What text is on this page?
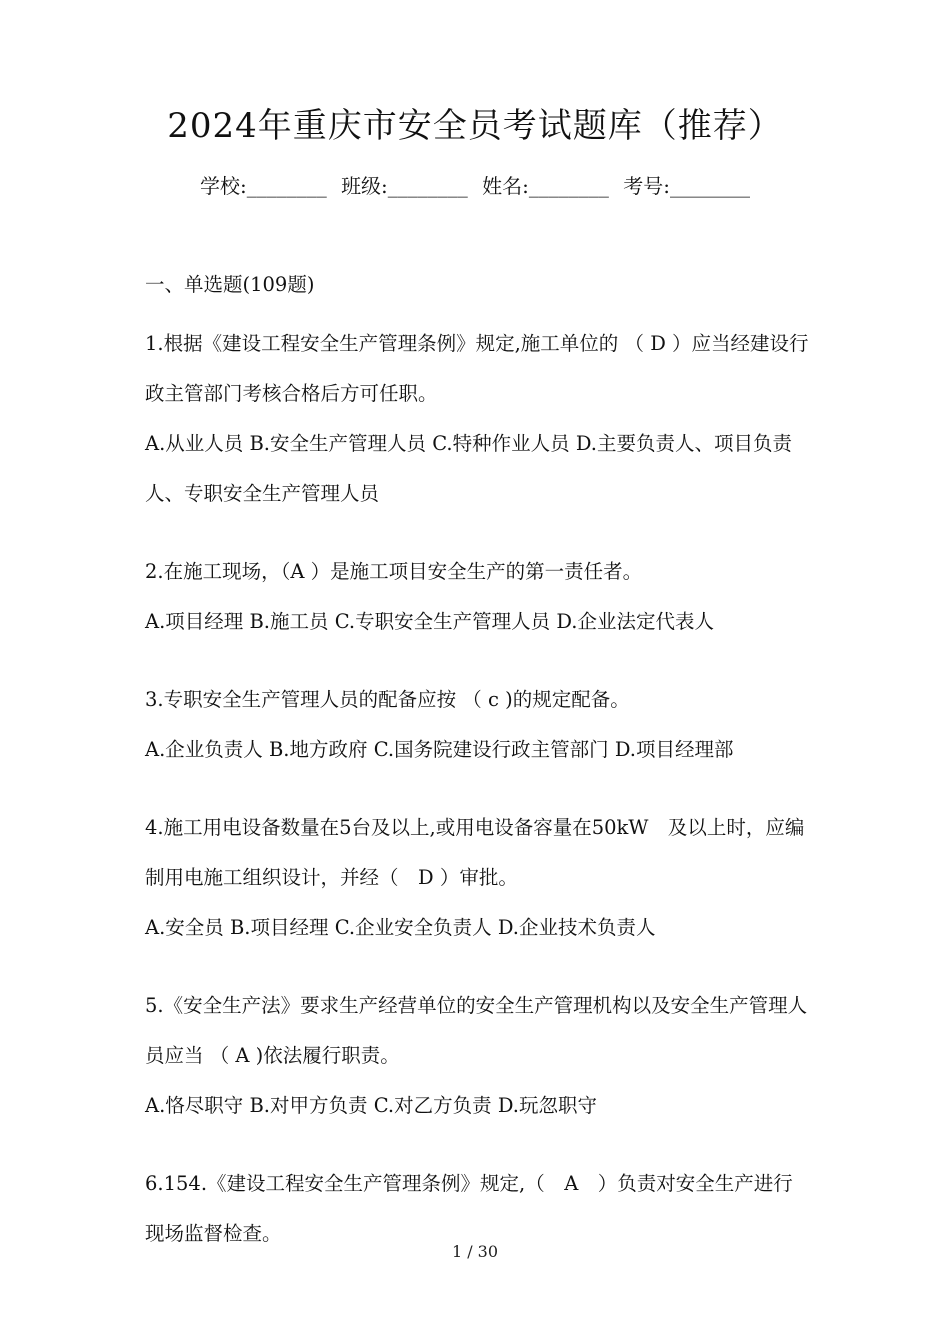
2024年重庆市安全员考试题库（推荐）
学校:________ 班级:________ 姓名:________ 考号:________
一、单选题(109题)
1.根据《建设工程安全生产管理条例》规定,施工单位的 （ D ）应当经建设行政主管部门考核合格后方可任职。
A.从业人员 B.安全生产管理人员 C.特种作业人员 D.主要负责人、项目负责人、专职安全生产管理人员
2.在施工现场，（A ）是施工项目安全生产的第一责任者。
A.项目经理 B.施工员 C.专职安全生产管理人员 D.企业法定代表人
3.专职安全生产管理人员的配备应按 （ c )的规定配备。
A.企业负责人 B.地方政府 C.国务院建设行政主管部门 D.项目经理部
4.施工用电设备数量在5台及以上,或用电设备容量在50kW　及以上时，应编制用电施工组织设计，并经（　D ）审批。
A.安全员 B.项目经理 C.企业安全负责人 D.企业技术负责人
5.《安全生产法》要求生产经营单位的安全生产管理机构以及安全生产管理人员应当 （ A )依法履行职责。
A.恪尽职守 B.对甲方负责 C.对乙方负责 D.玩忽职守
6.154.《建设工程安全生产管理条例》规定,（　A　）负责对安全生产进行现场监督检查。
1 / 30
